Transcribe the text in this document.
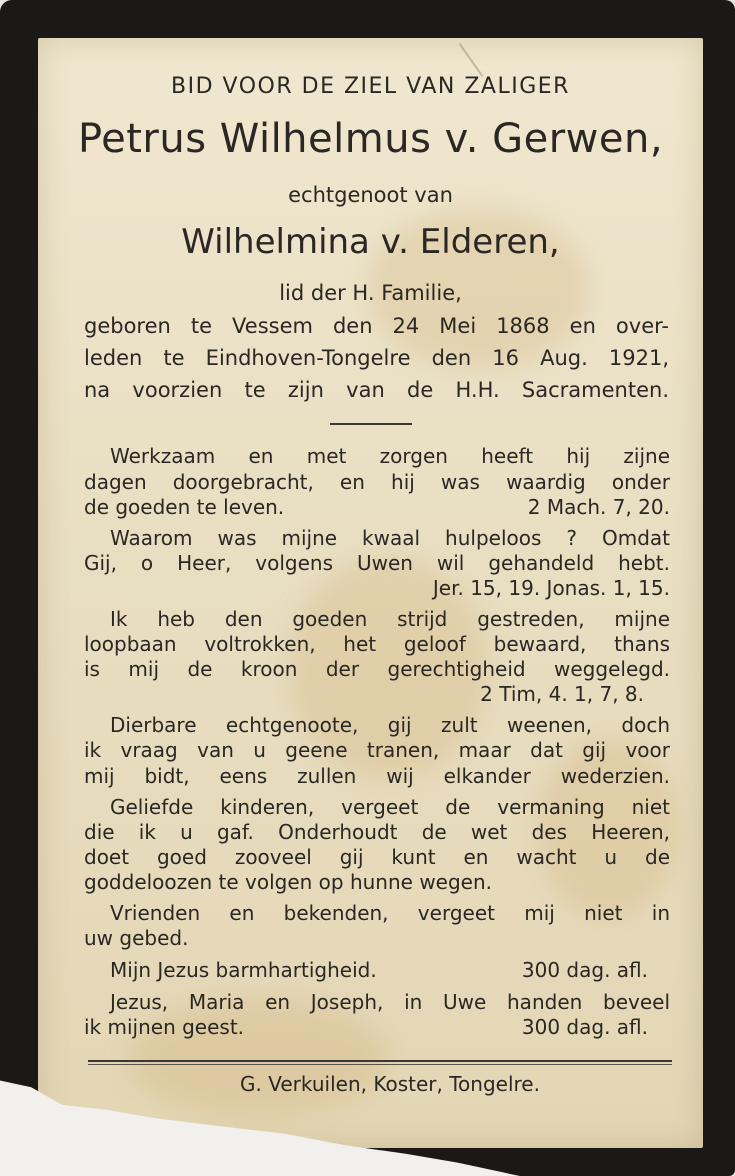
BID VOOR DE ZIEL VAN ZALIGER
Petrus Wilhelmus v. Gerwen,
echtgenoot van
Wilhelmina v. Elderen,
lid der H. Familie,
geboren te Vessem den 24 Mei 1868 en over-
leden te Eindhoven-Tongelre den 16 Aug. 1921,
na voorzien te zijn van de H.H. Sacramenten.
Werkzaam en met zorgen heeft hij zijne
dagen doorgebracht, en hij was waardig onder
de goeden te leven.	2 Mach. 7, 20.
Waarom was mijne kwaal hulpeloos ? Omdat
Gij, o Heer, volgens Uwen wil gehandeld hebt.
Jer. 15, 19. Jonas. 1, 15.
Ik heb den goeden strijd gestreden, mijne
loopbaan voltrokken, het geloof bewaard, thans
is mij de kroon der gerechtigheid weggelegd.
2 Tim, 4. 1, 7, 8.
Dierbare echtgenoote, gij zult weenen, doch
ik vraag van u geene tranen, maar dat gij voor
mij bidt, eens zullen wij elkander wederzien.
Geliefde kinderen, vergeet de vermaning niet
die ik u gaf. Onderhoudt de wet des Heeren,
doet goed zooveel gij kunt en wacht u de
goddeloozen te volgen op hunne wegen.
Vrienden en bekenden, vergeet mij niet in
uw gebed.
Mijn Jezus barmhartigheid.	300 dag. afl.
Jezus, Maria en Joseph, in Uwe handen beveel
ik mijnen geest.	300 dag. afl.
G. Verkuilen, Koster, Tongelre.
